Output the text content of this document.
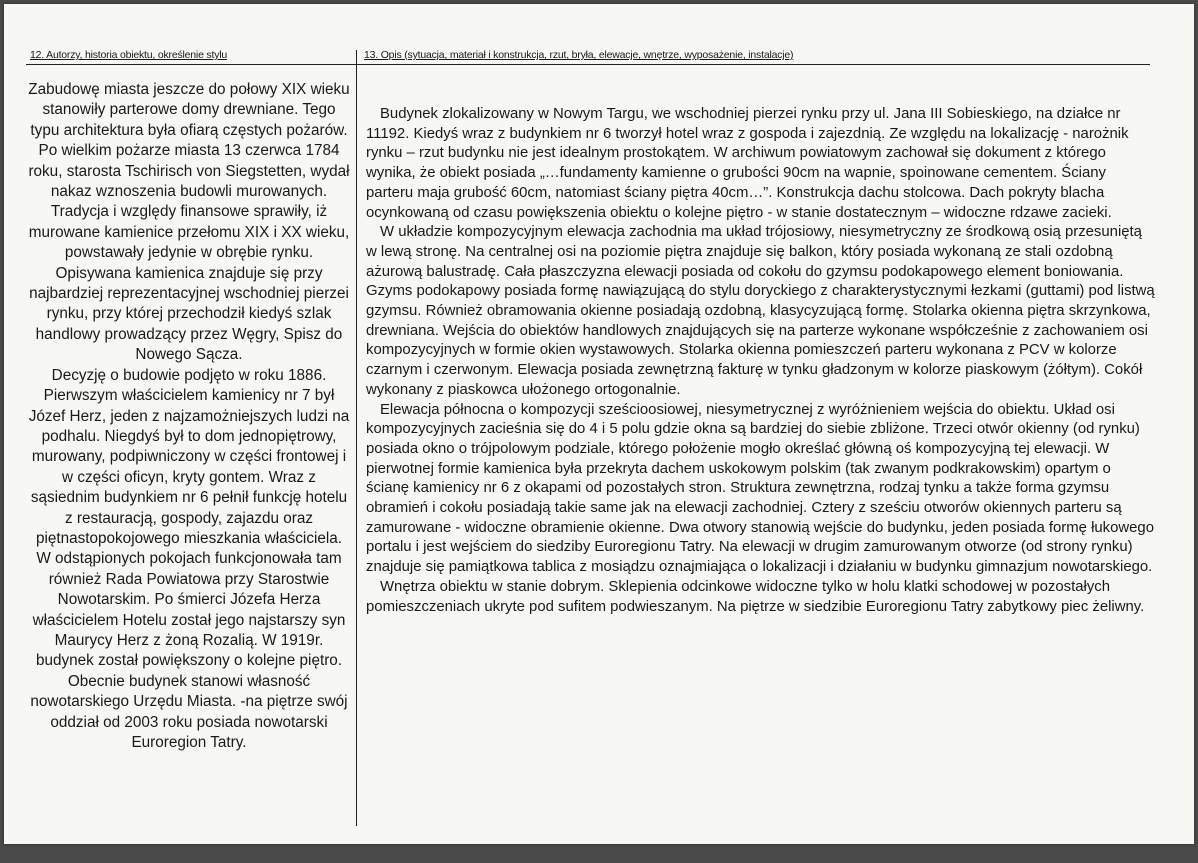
12. Autorzy, historia obiektu, określenie stylu	13. Opis (sytuacja, materiał i konstrukcja, rzut, bryła, elewacje, wnętrze, wyposażenie, instalacje)

Zabudowę miasta jeszcze do połowy XIX wieku stanowiły parterowe domy drewniane. Tego typu architektura była ofiarą częstych pożarów. Po wielkim pożarze miasta 13 czerwca 1784 roku, starosta Tschirisch von Siegstetten, wydał nakaz wznoszenia budowli murowanych. Tradycja i względy finansowe sprawiły, iż murowane kamienice przełomu XIX i XX wieku, powstawały jedynie w obrębie rynku. Opisywana kamienica znajduje się przy najbardziej reprezentacyjnej wschodniej pierzei rynku, przy której przechodził kiedyś szlak handlowy prowadzący przez Węgry, Spisz do Nowego Sącza.

Decyzję o budowie podjęto w roku 1886. Pierwszym właścicielem kamienicy nr 7 był Józef Herz, jeden z najzamożniejszych ludzi na podhalu. Niegdyś był to dom jednopiętrowy, murowany, podpiwniczony w części frontowej i w części oficyn, kryty gontem. Wraz z sąsiednim budynkiem nr 6 pełnił funkcję hotelu z restauracją, gospody, zajazdu oraz piętnastopokojowego mieszkania właściciela. W odstąpionych pokojach funkcjonowała tam również Rada Powiatowa przy Starostwie Nowotarskim. Po śmierci Józefa Herza właścicielem Hotelu został jego najstarszy syn Maurycy Herz z żoną Rozalią. W 1919r. budynek został powiększony o kolejne piętro. Obecnie budynek stanowi własność nowotarskiego Urzędu Miasta. -na piętrze swój oddział od 2003 roku posiada nowotarski Euroregion Tatry.

Budynek zlokalizowany w Nowym Targu, we wschodniej pierzei rynku przy ul. Jana III Sobieskiego, na działce nr 11192. Kiedyś wraz z budynkiem nr 6 tworzył hotel wraz z gospoda i zajezdnią. Ze względu na lokalizację - narożnik rynku – rzut budynku nie jest idealnym prostokątem. W archiwum powiatowym zachował się dokument z którego wynika, że obiekt posiada „…fundamenty kamienne o grubości 90cm na wapnie, spoinowane cementem. Ściany parteru maja grubość 60cm, natomiast ściany piętra 40cm…”. Konstrukcja dachu stolcowa. Dach pokryty blacha ocynkowaną od czasu powiększenia obiektu o kolejne piętro - w stanie dostatecznym – widoczne rdzawe zacieki.

W układzie kompozycyjnym elewacja zachodnia ma układ trójosiowy, niesymetryczny ze środkową osią przesuniętą w lewą stronę. Na centralnej osi na poziomie piętra znajduje się balkon, który posiada wykonaną ze stali ozdobną ażurową balustradę. Cała płaszczyzna elewacji posiada od cokołu do gzymsu podokapowego element boniowania. Gzyms podokapowy posiada formę nawiązującą do stylu doryckiego z charakterystycznymi łezkami (guttami) pod listwą gzymsu. Również obramowania okienne posiadają ozdobną, klasycyzującą formę. Stolarka okienna piętra skrzynkowa, drewniana. Wejścia do obiektów handlowych znajdujących się na parterze wykonane współcześnie z zachowaniem osi kompozycyjnych w formie okien wystawowych. Stolarka okienna pomieszczeń parteru wykonana z PCV w kolorze czarnym i czerwonym. Elewacja posiada zewnętrzną fakturę w tynku gładzonym w kolorze piaskowym (żółtym). Cokół wykonany z piaskowca ułożonego ortogonalnie.

Elewacja północna o kompozycji sześcioosiowej, niesymetrycznej z wyróżnieniem wejścia do obiektu. Układ osi kompozycyjnych zacieśnia się do 4 i 5 polu gdzie okna są bardziej do siebie zbliżone. Trzeci otwór okienny (od rynku) posiada okno o trójpolowym podziale, którego położenie mogło określać główną oś kompozycyjną tej elewacji. W pierwotnej formie kamienica była przekryta dachem uskokowym polskim (tak zwanym podkrakowskim) opartym o ścianę kamienicy nr 6 z okapami od pozostałych stron. Struktura zewnętrzna, rodzaj tynku a także forma gzymsu obramień i cokołu posiadają takie same jak na elewacji zachodniej. Cztery z sześciu otworów okiennych parteru są zamurowane - widoczne obramienie okienne. Dwa otwory stanowią wejście do budynku, jeden posiada formę łukowego portalu i jest wejściem do siedziby Euroregionu Tatry. Na elewacji w drugim zamurowanym otworze (od strony rynku) znajduje się pamiątkowa tablica z mosiądzu oznajmiająca o lokalizacji i działaniu w budynku gimnazjum nowotarskiego.

Wnętrza obiektu w stanie dobrym. Sklepienia odcinkowe widoczne tylko w holu klatki schodowej w pozostałych pomieszczeniach ukryte pod sufitem podwieszanym. Na piętrze w siedzibie Euroregionu Tatry zabytkowy piec żeliwny.
